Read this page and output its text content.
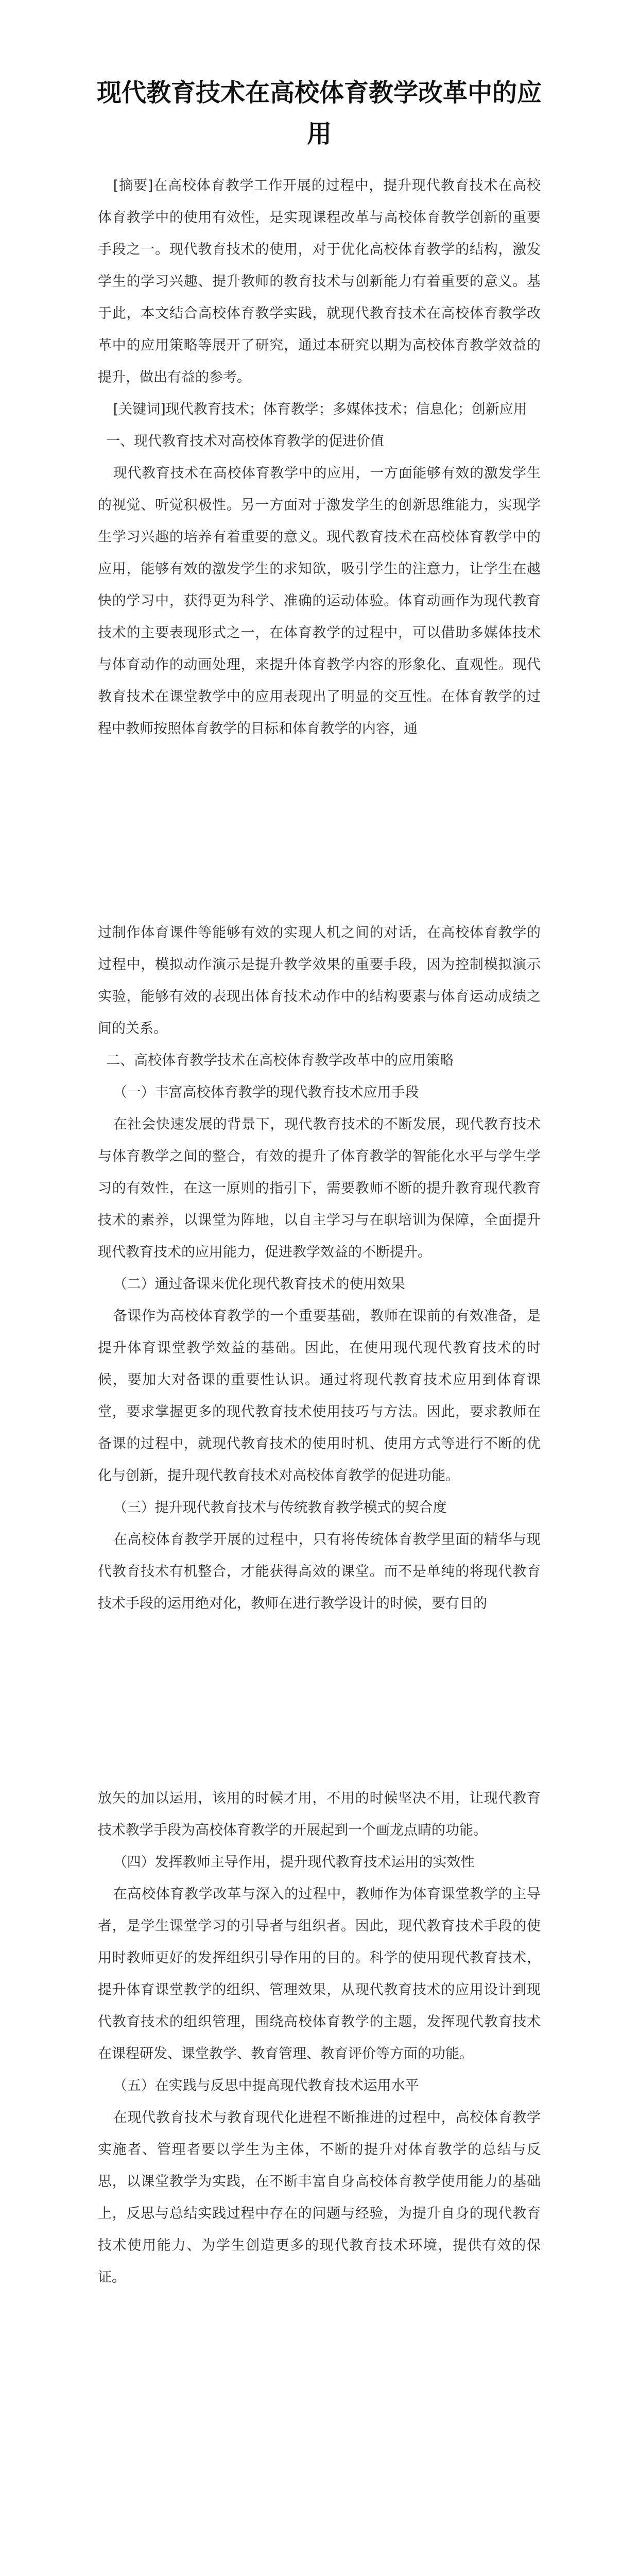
现代教育技术在高校体育教学改革中的应用

[摘要]在高校体育教学工作开展的过程中，提升现代教育技术在高校体育教学中的使用有效性，是实现课程改革与高校体育教学创新的重要手段之一。现代教育技术的使用，对于优化高校体育教学的结构，激发学生的学习兴趣、提升教师的教育技术与创新能力有着重要的意义。基于此，本文结合高校体育教学实践，就现代教育技术在高校体育教学改革中的应用策略等展开了研究，通过本研究以期为高校体育教学效益的提升，做出有益的参考。

[关键词]现代教育技术；体育教学；多媒体技术；信息化；创新应用

一、现代教育技术对高校体育教学的促进价值

现代教育技术在高校体育教学中的应用，一方面能够有效的激发学生的视觉、听觉积极性。另一方面对于激发学生的创新思维能力，实现学生学习兴趣的培养有着重要的意义。现代教育技术在高校体育教学中的应用，能够有效的激发学生的求知欲，吸引学生的注意力，让学生在越快的学习中，获得更为科学、准确的运动体验。体育动画作为现代教育技术的主要表现形式之一，在体育教学的过程中，可以借助多媒体技术与体育动作的动画处理，来提升体育教学内容的形象化、直观性。现代教育技术在课堂教学中的应用表现出了明显的交互性。在体育教学的过程中教师按照体育教学的目标和体育教学的内容，通

过制作体育课件等能够有效的实现人机之间的对话，在高校体育教学的过程中，模拟动作演示是提升教学效果的重要手段，因为控制模拟演示实验，能够有效的表现出体育技术动作中的结构要素与体育运动成绩之间的关系。

二、高校体育教学技术在高校体育教学改革中的应用策略

（一）丰富高校体育教学的现代教育技术应用手段

在社会快速发展的背景下，现代教育技术的不断发展，现代教育技术与体育教学之间的整合，有效的提升了体育教学的智能化水平与学生学习的有效性，在这一原则的指引下，需要教师不断的提升教育现代教育技术的素养，以课堂为阵地，以自主学习与在职培训为保障，全面提升现代教育技术的应用能力，促进教学效益的不断提升。

（二）通过备课来优化现代教育技术的使用效果

备课作为高校体育教学的一个重要基础，教师在课前的有效准备，是提升体育课堂教学效益的基础。因此，在使用现代现代教育技术的时候，要加大对备课的重要性认识。通过将现代教育技术应用到体育课堂，要求掌握更多的现代教育技术使用技巧与方法。因此，要求教师在备课的过程中，就现代教育技术的使用时机、使用方式等进行不断的优化与创新，提升现代教育技术对高校体育教学的促进功能。

（三）提升现代教育技术与传统教育教学模式的契合度

在高校体育教学开展的过程中，只有将传统体育教学里面的精华与现代教育技术有机整合，才能获得高效的课堂。而不是单纯的将现代教育技术手段的运用绝对化，教师在进行教学设计的时候，要有目的

放矢的加以运用，该用的时候才用，不用的时候坚决不用，让现代教育技术教学手段为高校体育教学的开展起到一个画龙点睛的功能。

（四）发挥教师主导作用，提升现代教育技术运用的实效性

在高校体育教学改革与深入的过程中，教师作为体育课堂教学的主导者，是学生课堂学习的引导者与组织者。因此，现代教育技术手段的使用时教师更好的发挥组织引导作用的目的。科学的使用现代教育技术，提升体育课堂教学的组织、管理效果，从现代教育技术的应用设计到现代教育技术的组织管理，围绕高校体育教学的主题，发挥现代教育技术在课程研发、课堂教学、教育管理、教育评价等方面的功能。

（五）在实践与反思中提高现代教育技术运用水平

在现代教育技术与教育现代化进程不断推进的过程中，高校体育教学实施者、管理者要以学生为主体，不断的提升对体育教学的总结与反思，以课堂教学为实践，在不断丰富自身高校体育教学使用能力的基础上，反思与总结实践过程中存在的问题与经验，为提升自身的现代教育技术使用能力、为学生创造更多的现代教育技术环境，提供有效的保证。
